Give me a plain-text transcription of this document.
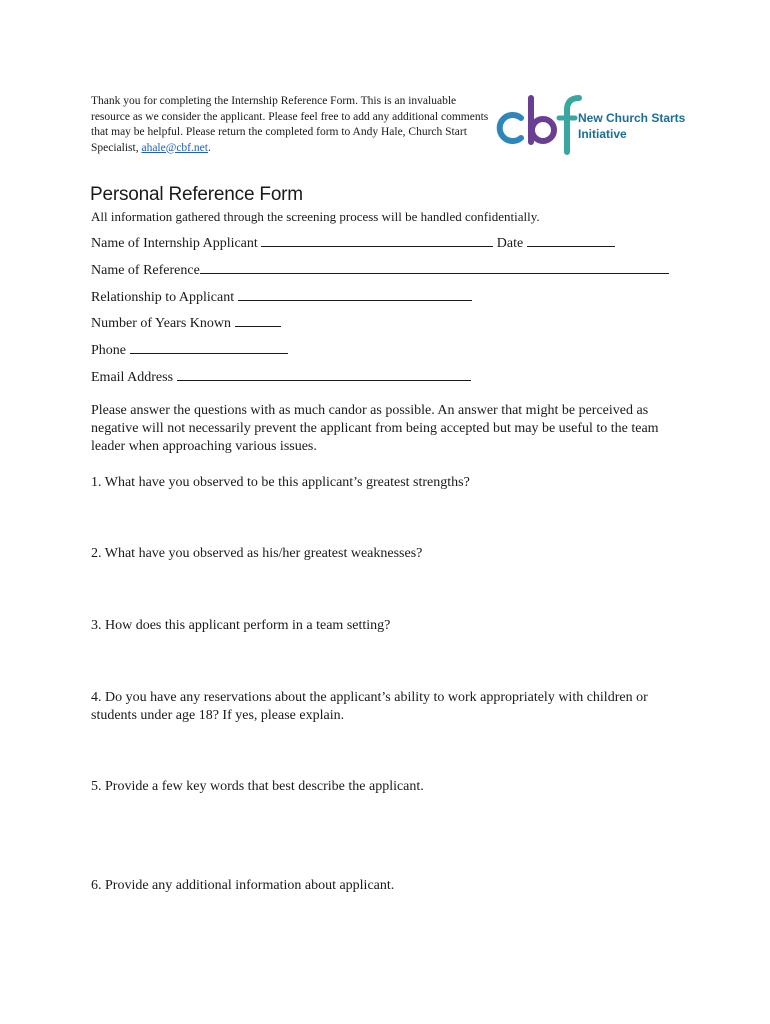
Thank you for completing the Internship Reference Form. This is an invaluable resource as we consider the applicant. Please feel free to add any additional comments that may be helpful. Please return the completed form to Andy Hale, Church Start Specialist, ahale@cbf.net.
New Church Starts
Initiative
Personal Reference Form
All information gathered through the screening process will be handled confidentially.
Name of Internship Applicant	Date
Name of Reference
Relationship to Applicant
Number of Years Known
Phone
Email Address
Please answer the questions with as much candor as possible. An answer that might be perceived as negative will not necessarily prevent the applicant from being accepted but may be useful to the team leader when approaching various issues.
1. What have you observed to be this applicant’s greatest strengths?
2. What have you observed as his/her greatest weaknesses?
3. How does this applicant perform in a team setting?
4. Do you have any reservations about the applicant’s ability to work appropriately with children or students under age 18? If yes, please explain.
5. Provide a few key words that best describe the applicant.
6. Provide any additional information about applicant.
